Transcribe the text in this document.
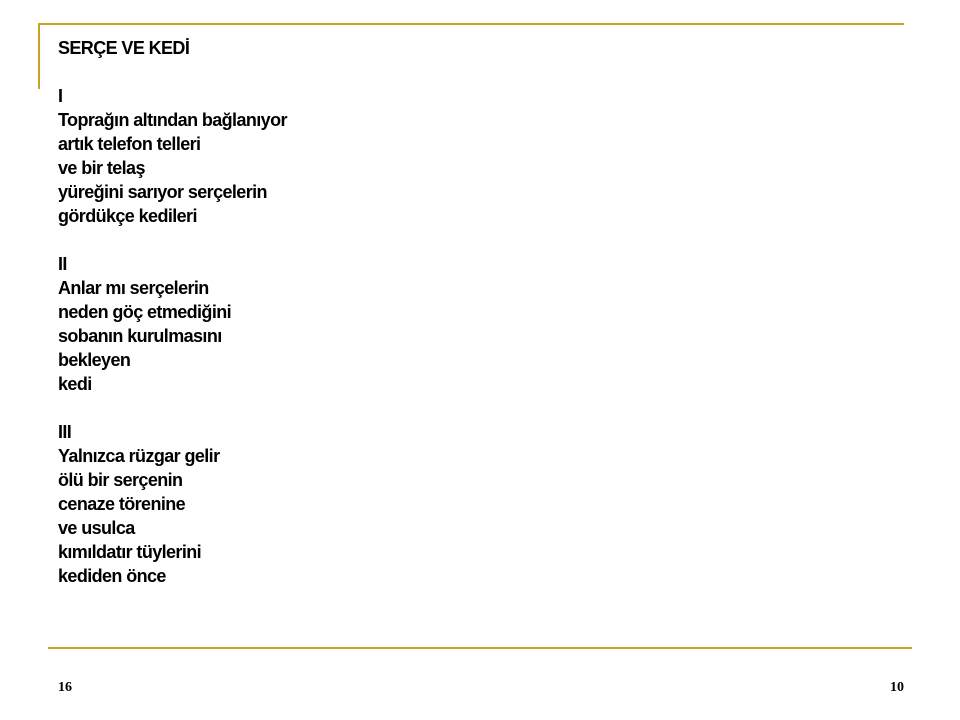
SERÇE VE KEDİ
I
Toprağın altından bağlanıyor
artık telefon telleri
ve bir telaş
yüreğini sarıyor serçelerin
gördükçe kedileri
II
Anlar mı serçelerin
neden göç etmediğini
sobanın kurulmasını
bekleyen
kedi
III
Yalnızca rüzgar gelir
ölü bir serçenin
cenaze törenine
ve usulca
kımıldatır tüylerini
kediden önce
16	10
